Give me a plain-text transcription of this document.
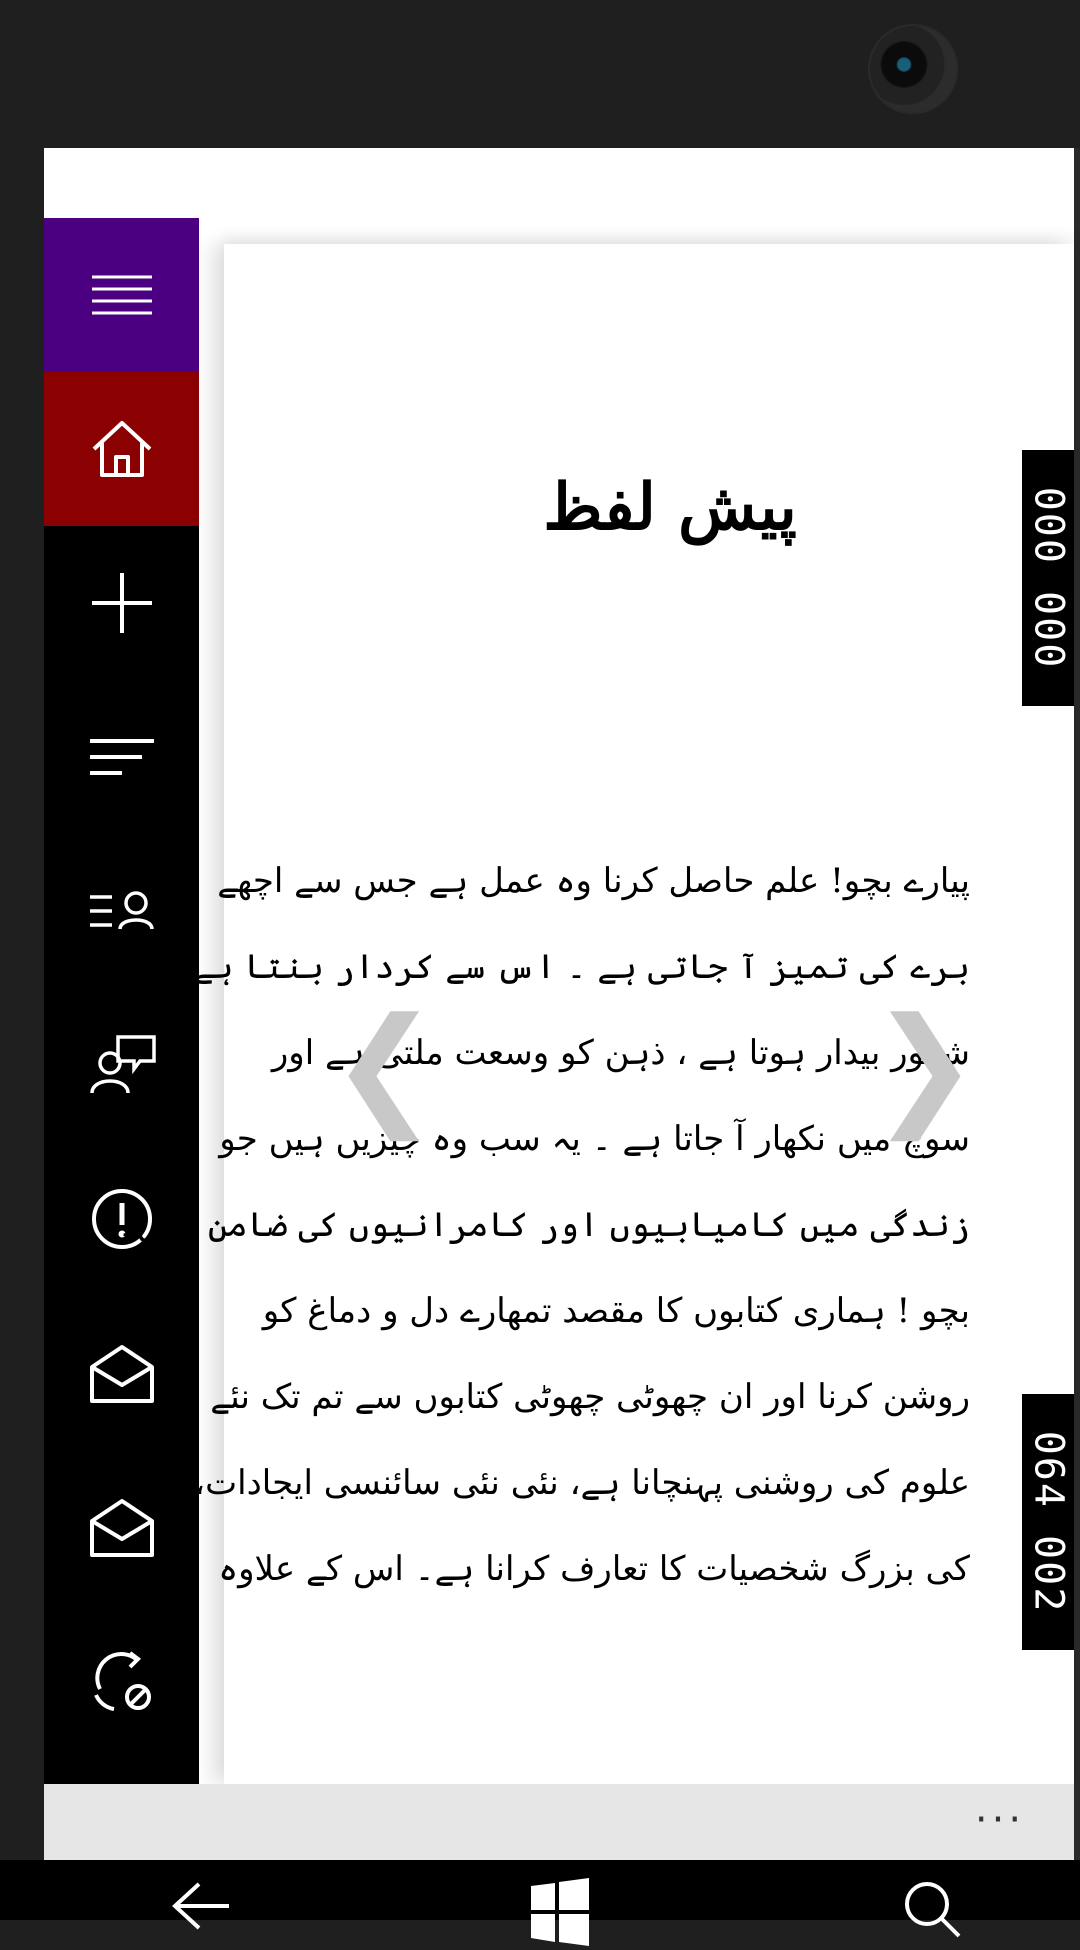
پیش لفظ
پیارے بچو! علم حاصل کرنا وہ عمل ہے جس سے اچھے
برے کی تمیز آ جاتی ہے ۔ اس سے کردار بنتا ہے ،
شعور بیدار ہوتا ہے ، ذہن کو وسعت ملتی ہے اور
سوچ میں نکھار آ جاتا ہے ۔ یہ سب وہ چیزیں ہیں جو
زندگی میں کامیابیوں اور کامرانیوں کی ضامن ہیں۔
بچو ! ہماری کتابوں کا مقصد تمھارے دل و دماغ کو
روشن کرنا اور ان چھوٹی چھوٹی کتابوں سے تم تک نئے
علوم کی روشنی پہنچانا ہے، نئی نئی سائنسی ایجادات، دنیا
کی بزرگ شخصیات کا تعارف کرانا ہے۔ اس کے علاوہ
❮	❯
000 000
064 002
···
